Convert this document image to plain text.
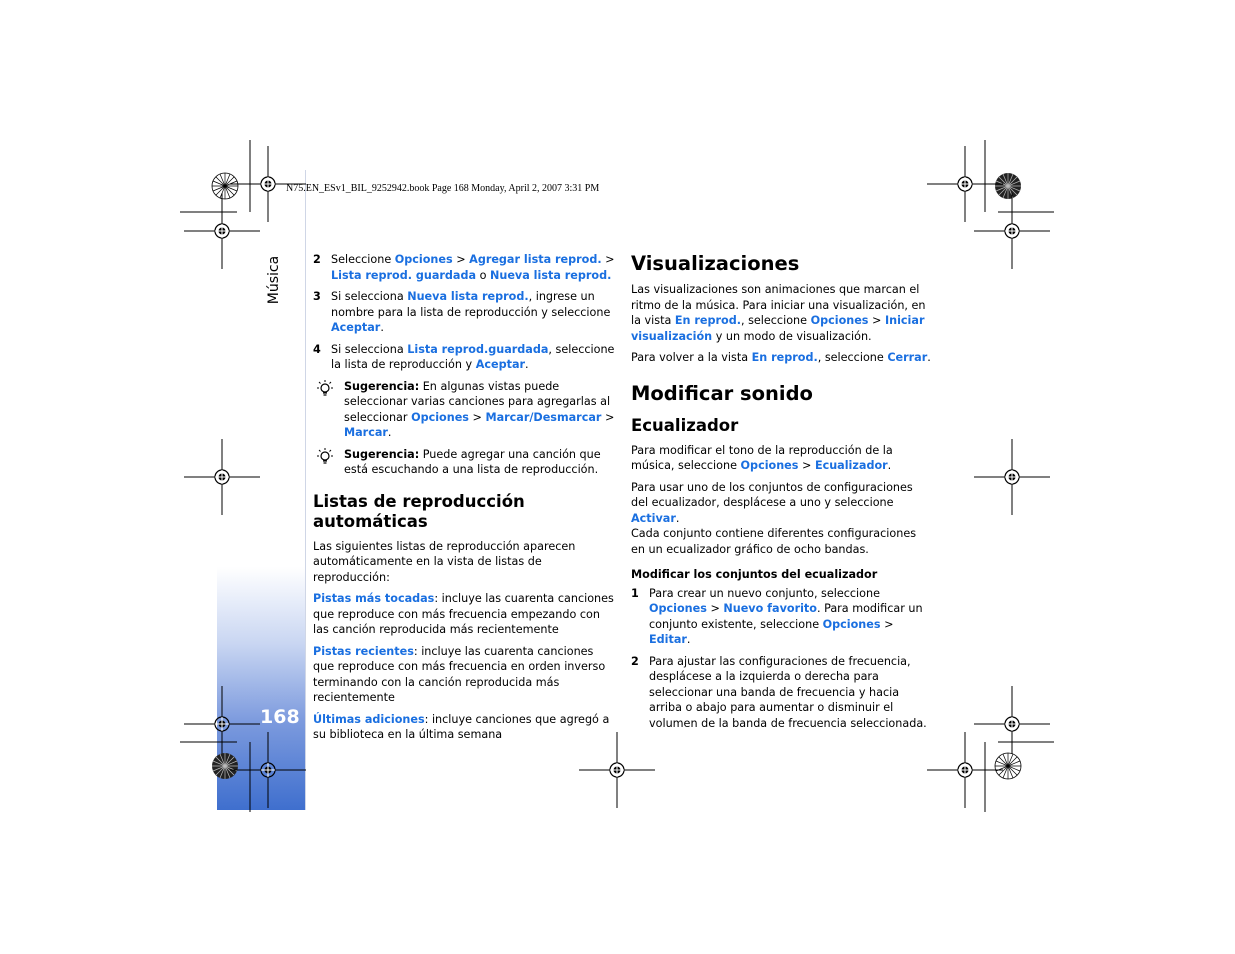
Música
168
N75.EN_ESv1_BIL_9252942.book Page 168 Monday, April 2, 2007 3:31 PM
2 Seleccione Opciones > Agregar lista reprod. > Lista reprod. guardada o Nueva lista reprod.
3 Si selecciona Nueva lista reprod., ingrese un nombre para la lista de reproducción y seleccione Aceptar.
4 Si selecciona Lista reprod.guardada, seleccione la lista de reproducción y Aceptar.
Sugerencia: En algunas vistas puede seleccionar varias canciones para agregarlas al seleccionar Opciones > Marcar/Desmarcar > Marcar.
Sugerencia: Puede agregar una canción que está escuchando a una lista de reproducción.
Listas de reproducción automáticas

Las siguientes listas de reproducción aparecen automáticamente en la vista de listas de reproducción:

Pistas más tocadas: incluye las cuarenta canciones que reproduce con más frecuencia empezando con las canción reproducida más recientemente

Pistas recientes: incluye las cuarenta canciones que reproduce con más frecuencia en orden inverso terminando con la canción reproducida más recientemente

Últimas adiciones: incluye canciones que agregó a su biblioteca en la última semana

Visualizaciones

Las visualizaciones son animaciones que marcan el ritmo de la música. Para iniciar una visualización, en la vista En reprod., seleccione Opciones > Iniciar visualización y un modo de visualización.

Para volver a la vista En reprod., seleccione Cerrar.

Modificar sonido
Ecualizador

Para modificar el tono de la reproducción de la música, seleccione Opciones > Ecualizador.

Para usar uno de los conjuntos de configuraciones del ecualizador, desplácese a uno y seleccione Activar.
Cada conjunto contiene diferentes configuraciones en un ecualizador gráfico de ocho bandas.

Modificar los conjuntos del ecualizador
1 Para crear un nuevo conjunto, seleccione Opciones > Nuevo favorito. Para modificar un conjunto existente, seleccione Opciones > Editar.
2 Para ajustar las configuraciones de frecuencia, desplácese a la izquierda o derecha para seleccionar una banda de frecuencia y hacia arriba o abajo para aumentar o disminuir el volumen de la banda de frecuencia seleccionada.
